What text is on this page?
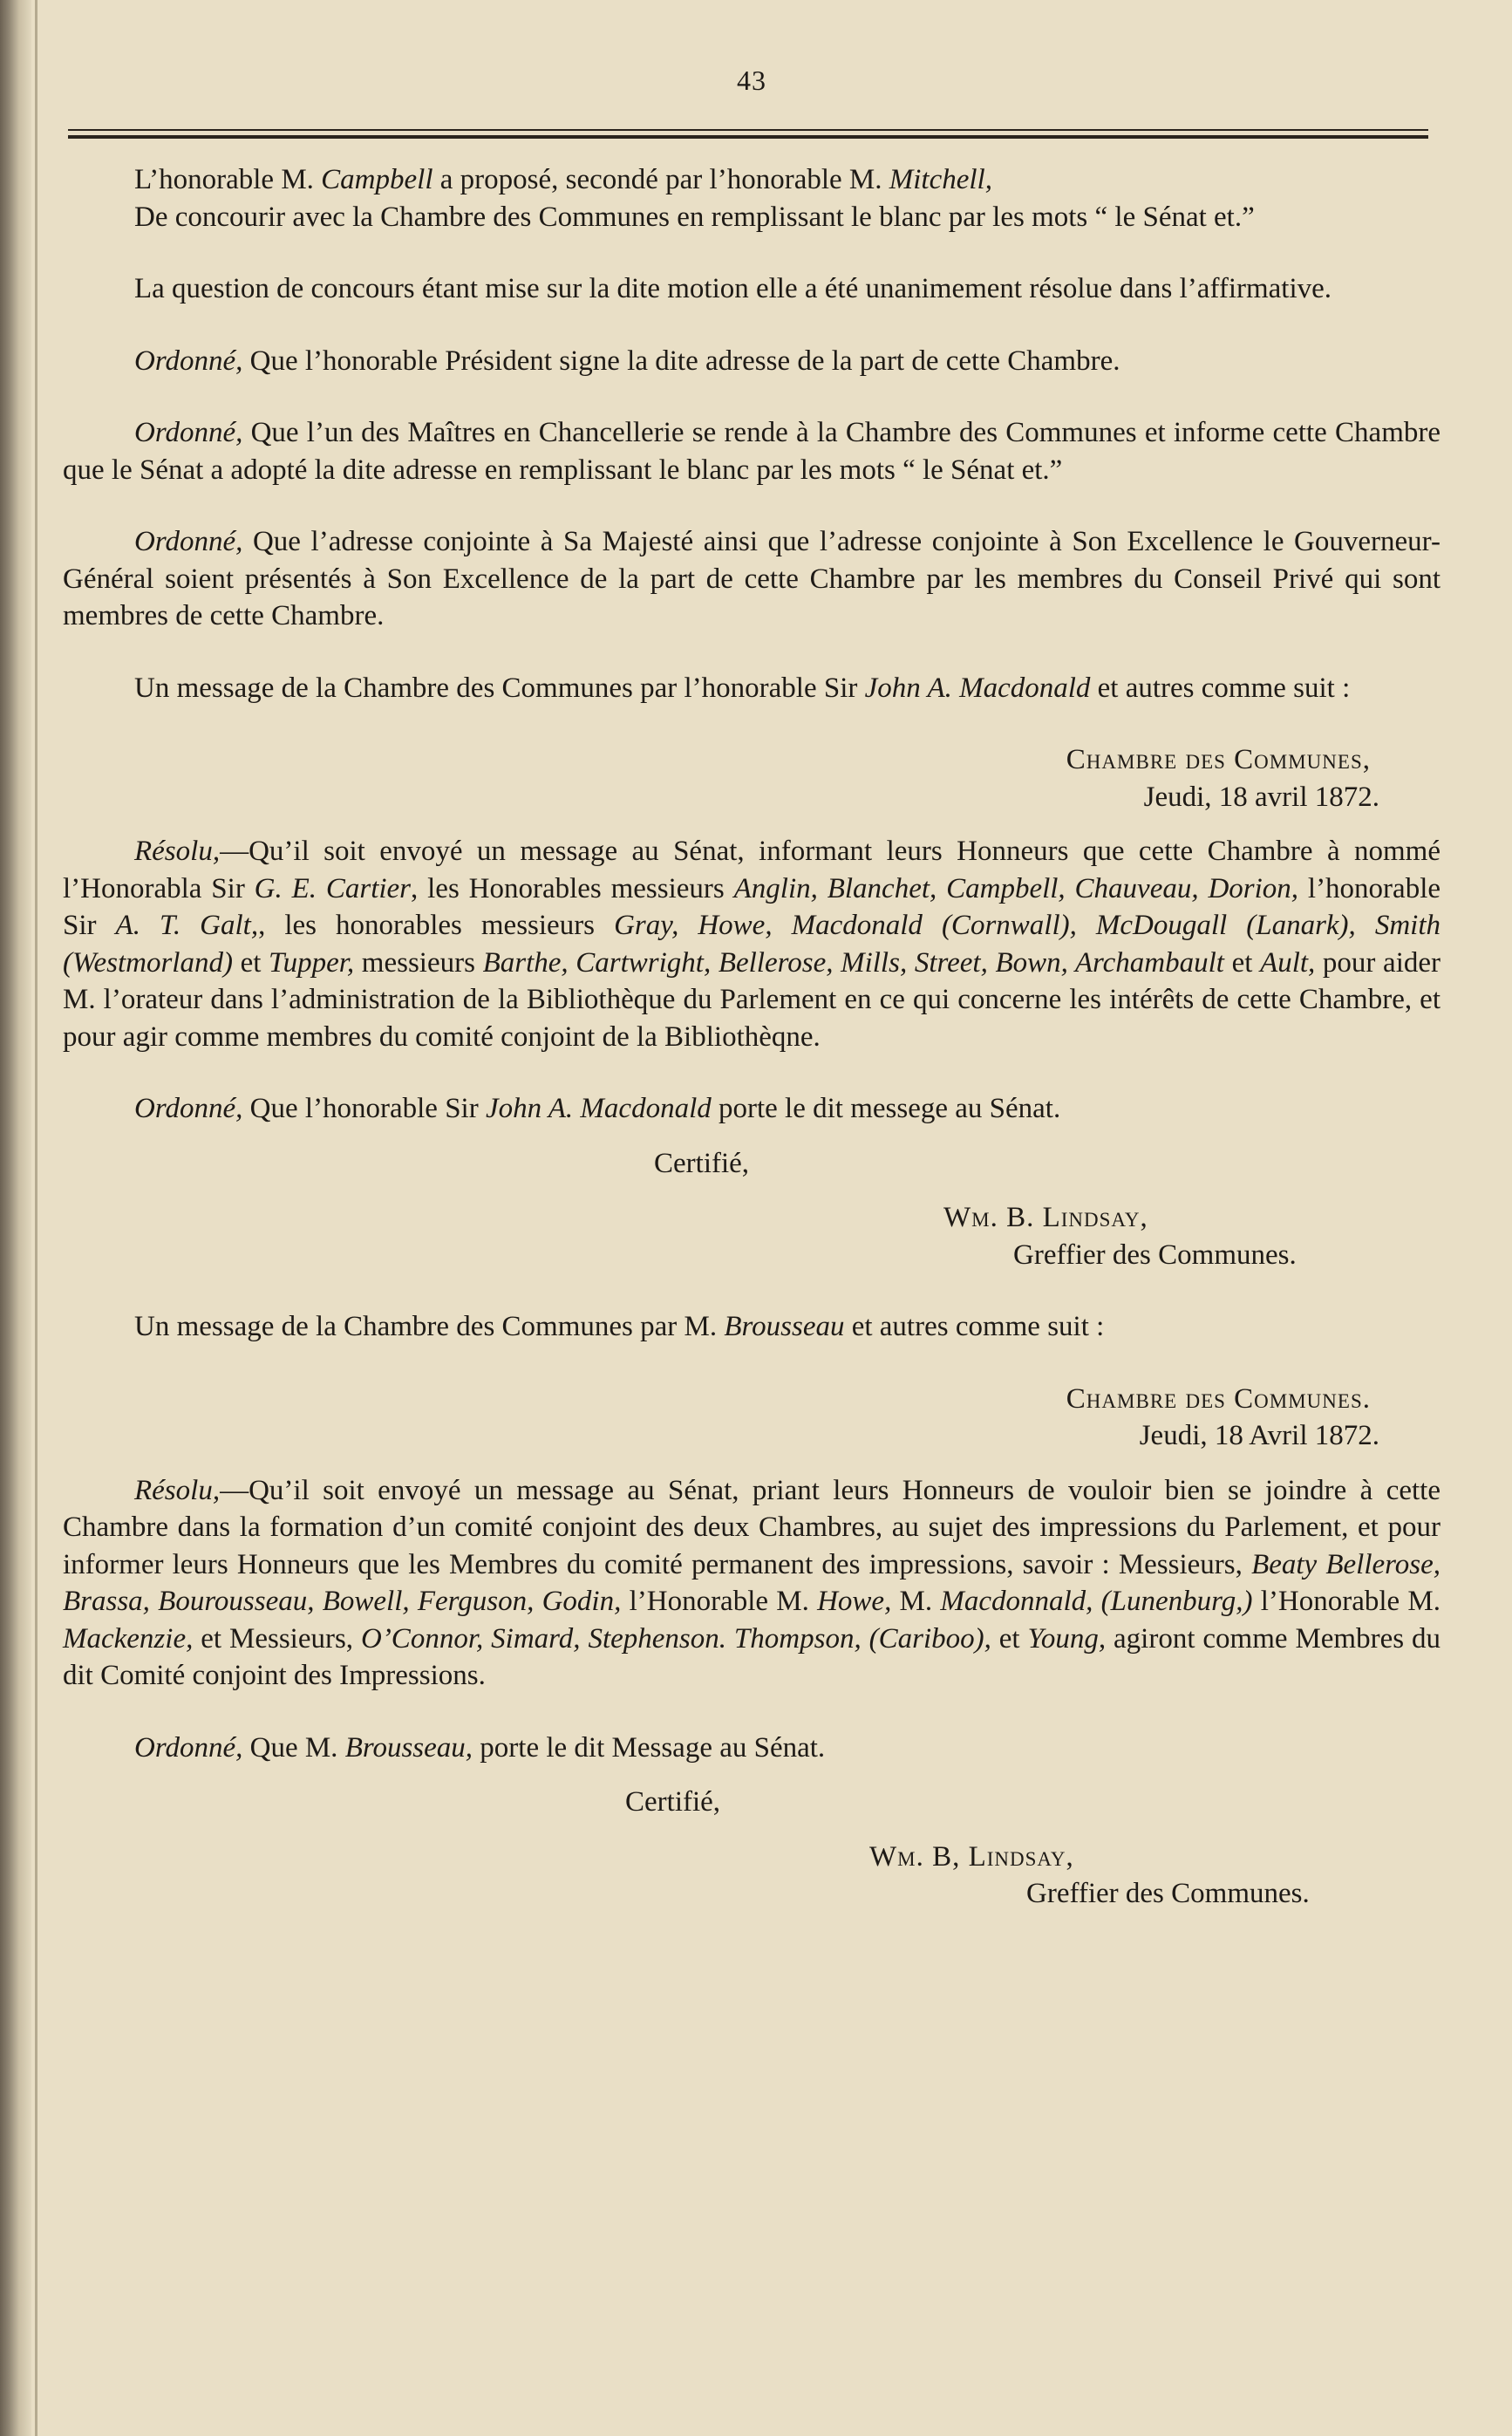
43

L’honorable M. Campbell a proposé, secondé par l’honorable M. Mitchell,

De concourir avec la Chambre des Communes en remplissant le blanc par les mots “ le Sénat et.”

La question de concours étant mise sur la dite motion elle a été unanimement résolue dans l’affirmative.

Ordonné, Que l’honorable Président signe la dite adresse de la part de cette Chambre.

Ordonné, Que l’un des Maîtres en Chancellerie se rende à la Chambre des Communes et informe cette Chambre que le Sénat a adopté la dite adresse en remplissant le blanc par les mots “ le Sénat et.”

Ordonné, Que l’adresse conjointe à Sa Majesté ainsi que l’adresse conjointe à Son Excellence le Gouverneur-Général soient présentés à Son Excellence de la part de cette Chambre par les membres du Conseil Privé qui sont membres de cette Chambre.

Un message de la Chambre des Communes par l’honorable Sir John A. Macdonald et autres comme suit :

Chambre des Communes,

Jeudi, 18 avril 1872.

Résolu,—Qu’il soit envoyé un message au Sénat, informant leurs Honneurs que cette Chambre à nommé l’Honorabla Sir G. E. Cartier, les Honorables messieurs Anglin, Blanchet, Campbell, Chauveau, Dorion, l’honorable Sir A. T. Galt,, les honorables messieurs Gray, Howe, Macdonald (Cornwall), McDougall (Lanark), Smith (Westmorland) et Tupper, messieurs Barthe, Cartwright, Bellerose, Mills, Street, Bown, Archambault et Ault, pour aider M. l’orateur dans l’administration de la Bibliothèque du Parlement en ce qui concerne les intérêts de cette Chambre, et pour agir comme membres du comité conjoint de la Bibliothèqne.

Ordonné, Que l’honorable Sir John A. Macdonald porte le dit messege au Sénat.

Certifié,

Wm. B. Lindsay,

Greffier des Communes.

Un message de la Chambre des Communes par M. Brousseau et autres comme suit :

Chambre des Communes.

Jeudi, 18 Avril 1872.

Résolu,—Qu’il soit envoyé un message au Sénat, priant leurs Honneurs de vouloir bien se joindre à cette Chambre dans la formation d’un comité conjoint des deux Chambres, au sujet des impressions du Parlement, et pour informer leurs Honneurs que les Membres du comité permanent des impressions, savoir : Messieurs, Beaty Bellerose, Brassa, Bourousseau, Bowell, Ferguson, Godin, l’Honorable M. Howe, M. Macdonnald, (Lunenburg,) l’Honorable M. Mackenzie, et Messieurs, O’Connor, Simard, Stephenson. Thompson, (Cariboo), et Young, agiront comme Membres du dit Comité conjoint des Impressions.

Ordonné, Que M. Brousseau, porte le dit Message au Sénat.

Certifié,

Wm. B, Lindsay,

Greffier des Communes.
